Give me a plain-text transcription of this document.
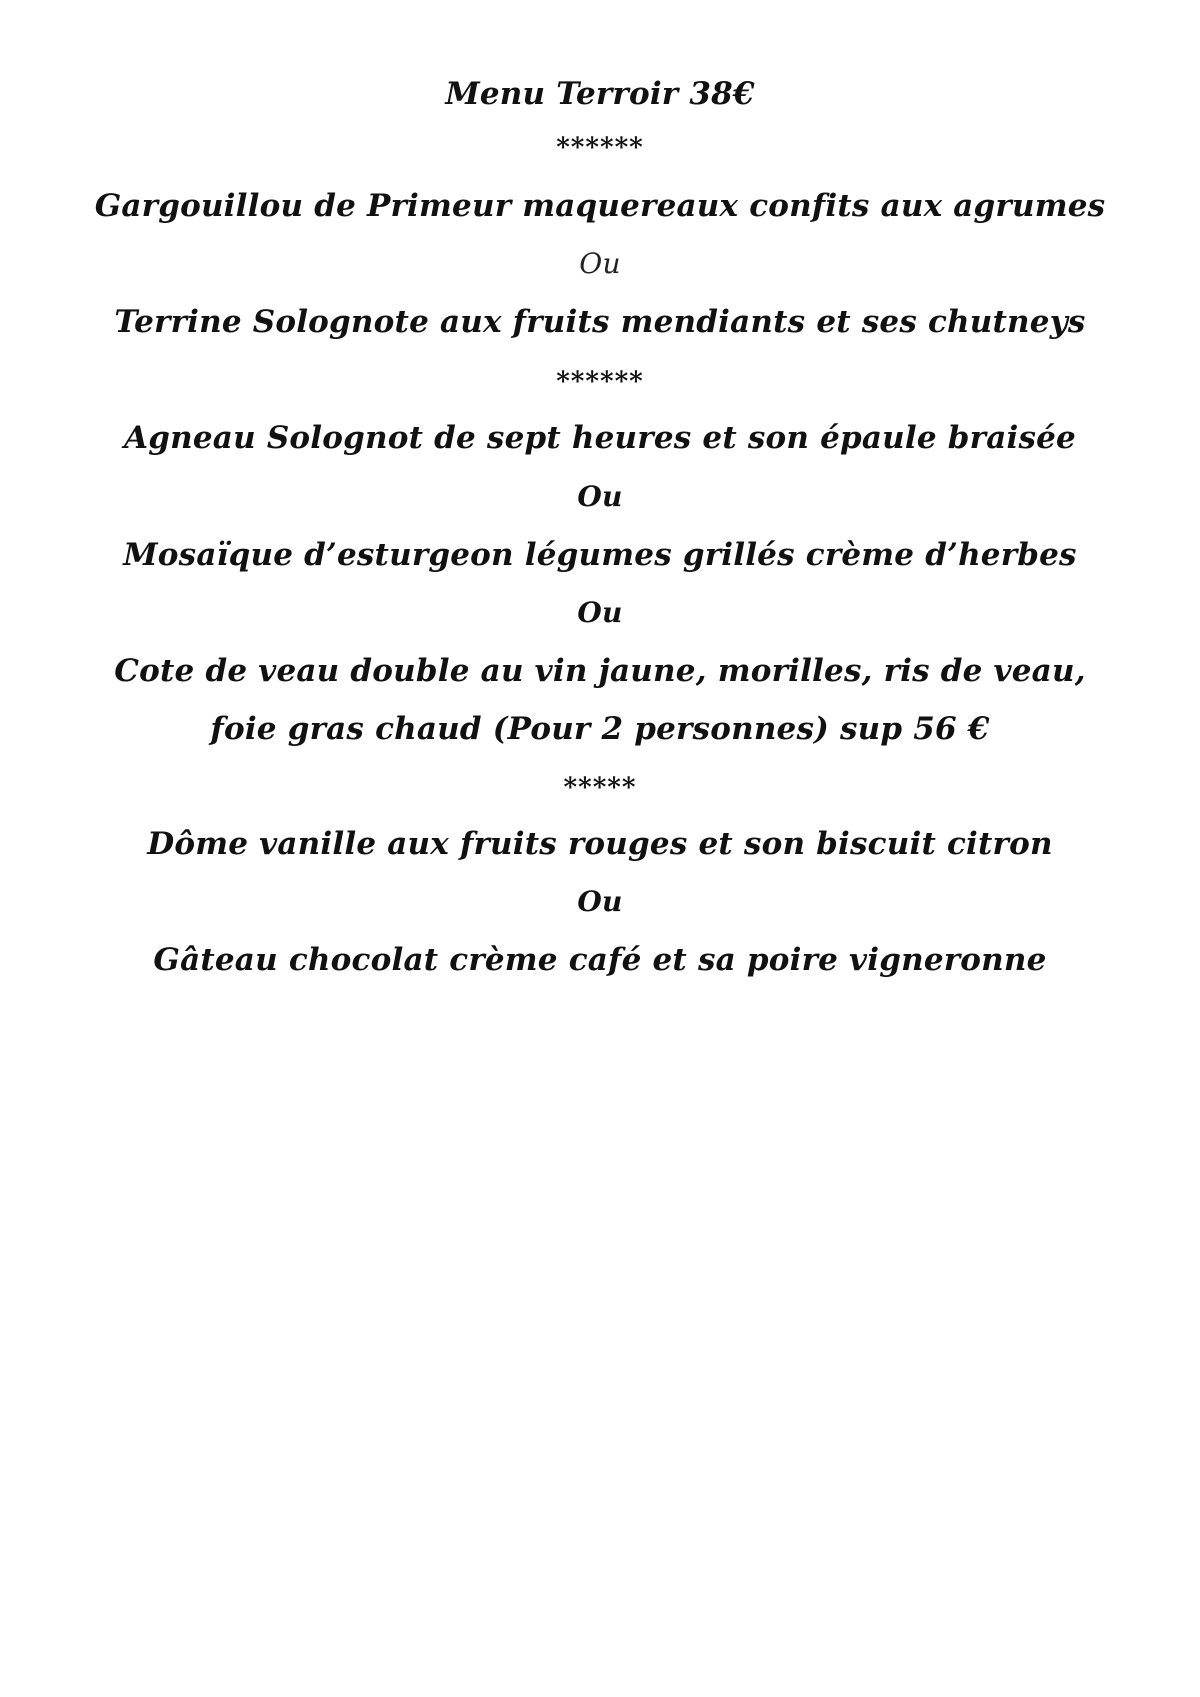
Menu Terroir 38€
******
Gargouillou de Primeur maquereaux confits aux agrumes
Ou
Terrine Solognote aux fruits mendiants et ses chutneys
******
Agneau Solognot de sept heures et son épaule braisée
Ou
Mosaïque d’esturgeon légumes grillés crème d’herbes
Ou
Cote de veau double au vin jaune, morilles, ris de veau,
foie gras chaud (Pour 2 personnes) sup 56 €
*****
Dôme vanille aux fruits rouges et son biscuit citron
Ou
Gâteau chocolat crème café et sa poire vigneronne
